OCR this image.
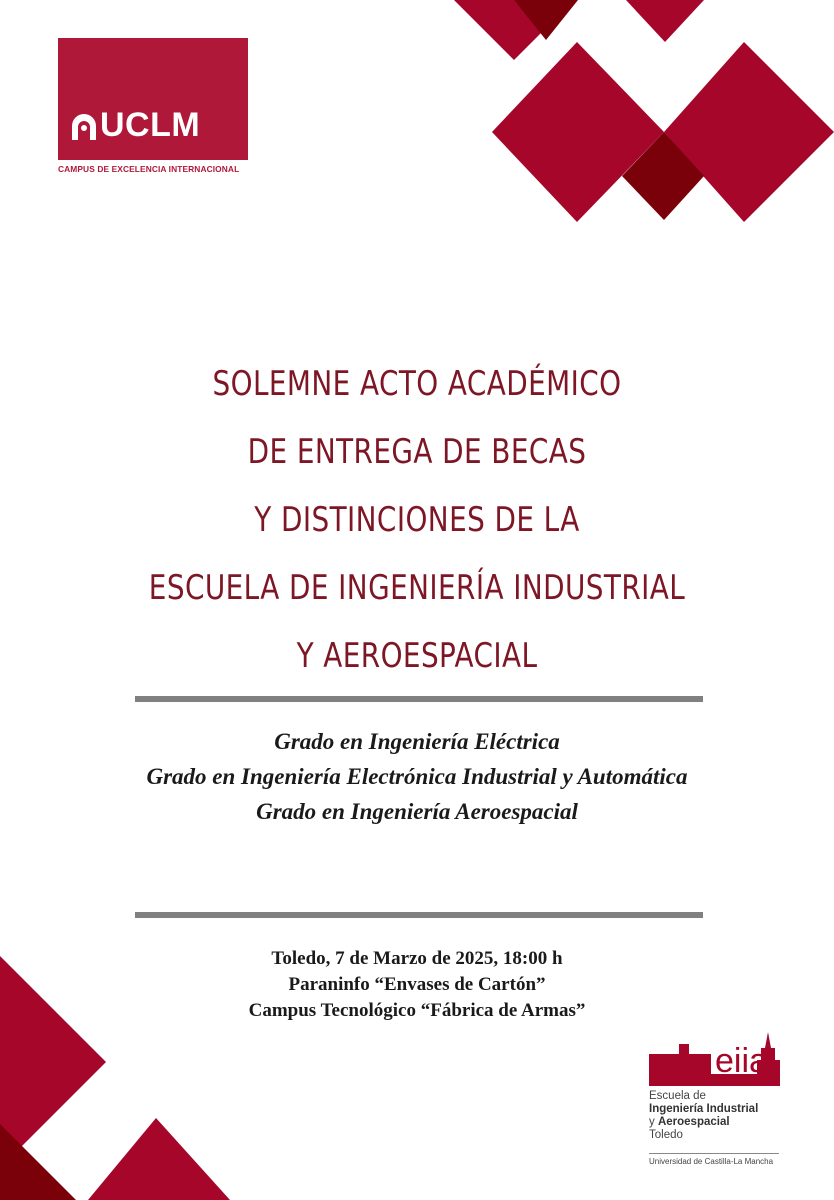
UCLM
CAMPUS DE EXCELENCIA INTERNACIONAL
SOLEMNE ACTO ACADÉMICO
DE ENTREGA DE BECAS
Y DISTINCIONES DE LA
ESCUELA DE INGENIERÍA INDUSTRIAL
Y AEROESPACIAL
Grado en Ingeniería Eléctrica
Grado en Ingeniería Electrónica Industrial y Automática
Grado en Ingeniería Aeroespacial
Toledo, 7 de Marzo de 2025, 18:00 h
Paraninfo “Envases de Cartón”
Campus Tecnológico “Fábrica de Armas”
eiia
Escuela de
Ingeniería Industrial
y Aeroespacial
Toledo
Universidad de Castilla-La Mancha
